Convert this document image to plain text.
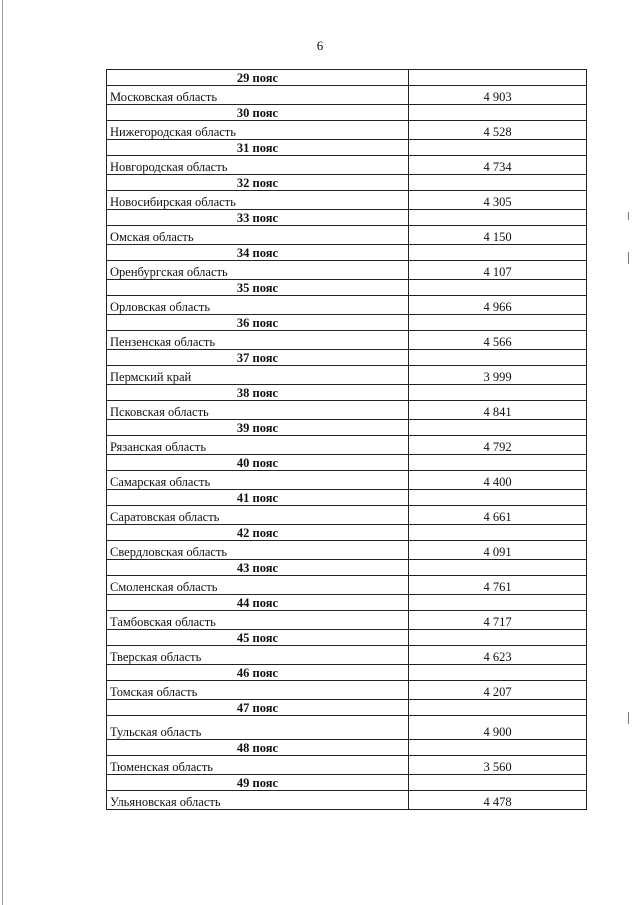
6
29 пояс	
Московская область	4 903
30 пояс	
Нижегородская область	4 528
31 пояс	
Новгородская область	4 734
32 пояс	
Новосибирская область	4 305
33 пояс	
Омская область	4 150
34 пояс	
Оренбургская область	4 107
35 пояс	
Орловская область	4 966
36 пояс	
Пензенская область	4 566
37 пояс	
Пермский край	3 999
38 пояс	
Псковская область	4 841
39 пояс	
Рязанская область	4 792
40 пояс	
Самарская область	4 400
41 пояс	
Саратовская область	4 661
42 пояс	
Свердловская область	4 091
43 пояс	
Смоленская область	4 761
44 пояс	
Тамбовская область	4 717
45 пояс	
Тверская область	4 623
46 пояс	
Томская область	4 207
47 пояс	
Тульская область	4 900
48 пояс	
Тюменская область	3 560
49 пояс	
Ульяновская область	4 478
